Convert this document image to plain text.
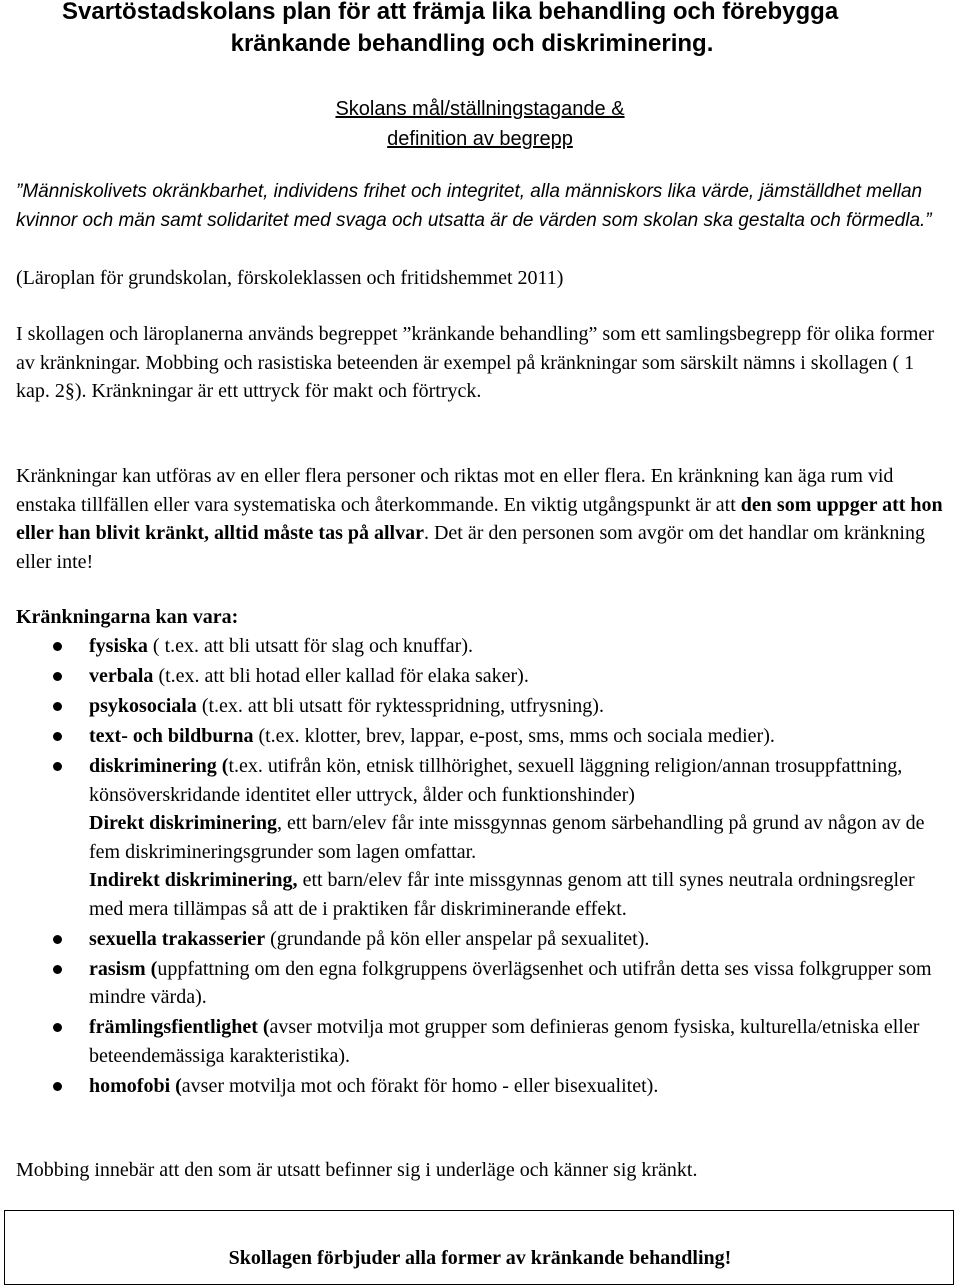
Svartöstadskolans plan för att främja lika behandling och förebygga

kränkande behandling och diskriminering.
Skolans mål/ställningstagande &
definition av begrepp

”Människolivets okränkbarhet, individens frihet och integritet, alla människors lika värde, jämställdhet mellan kvinnor och män samt solidaritet med svaga och utsatta är de värden som skolan ska gestalta och förmedla.”

(Läroplan för grundskolan, förskoleklassen och fritidshemmet 2011)

I skollagen och läroplanerna används begreppet ”kränkande behandling” som ett samlingsbegrepp för olika former av kränkningar. Mobbing och rasistiska beteenden är exempel på kränkningar som särskilt nämns i skollagen ( 1 kap. 2§). Kränkningar är ett uttryck för makt och förtryck.

Kränkningar kan utföras av en eller flera personer och riktas mot en eller flera. En kränkning kan äga rum vid enstaka tillfällen eller vara systematiska och återkommande. En viktig utgångspunkt är att den som uppger att hon eller han blivit kränkt, alltid måste tas på allvar. Det är den personen som avgör om det handlar om kränkning eller inte!

Kränkningarna kan vara:
fysiska ( t.ex. att bli utsatt för slag och knuffar).
verbala (t.ex. att bli hotad eller kallad för elaka saker).
psykosociala (t.ex. att bli utsatt för ryktesspridning, utfrysning).
text- och bildburna (t.ex. klotter, brev, lappar, e-post, sms, mms och sociala medier).
diskriminering (t.ex. utifrån kön, etnisk tillhörighet, sexuell läggning religion/annan trosuppfattning, könsöverskridande identitet eller uttryck, ålder och funktionshinder)
Direkt diskriminering, ett barn/elev får inte missgynnas genom särbehandling på grund av någon av de fem diskrimineringsgrunder som lagen omfattar.
Indirekt diskriminering, ett barn/elev får inte missgynnas genom att till synes neutrala ordningsregler med mera tillämpas så att de i praktiken får diskriminerande effekt.
sexuella trakasserier (grundande på kön eller anspelar på sexualitet).
rasism (uppfattning om den egna folkgruppens överlägsenhet och utifrån detta ses vissa folkgrupper som mindre värda).
främlingsfientlighet (avser motvilja mot grupper som definieras genom fysiska, kulturella/etniska eller beteendemässiga karakteristika).
homofobi (avser motvilja mot och förakt för homo - eller bisexualitet).
Mobbing innebär att den som är utsatt befinner sig i underläge och känner sig kränkt.
Skollagen förbjuder alla former av kränkande behandling!
